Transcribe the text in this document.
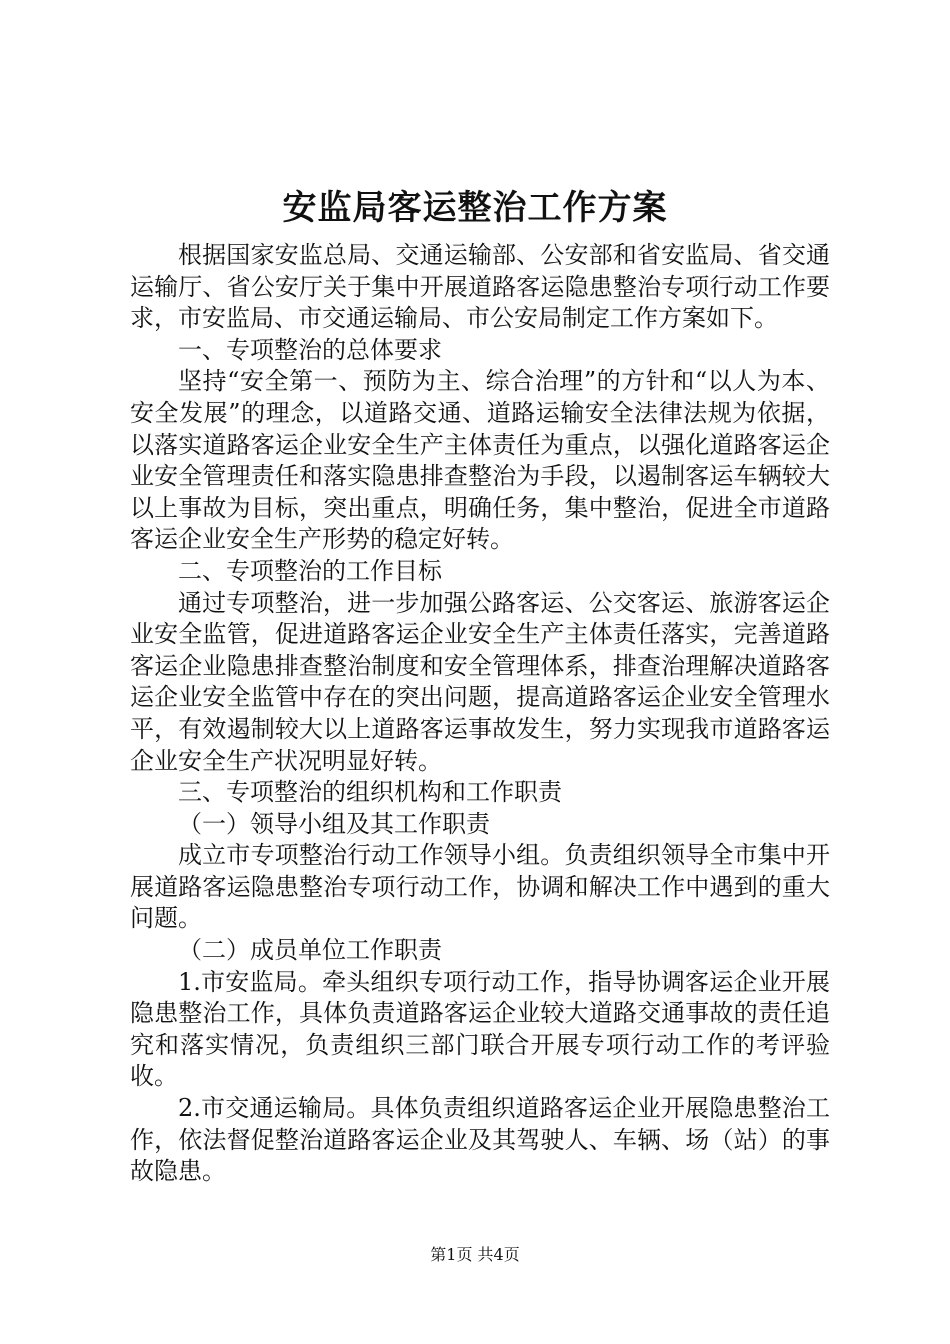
安监局客运整治工作方案

根据国家安监总局、交通运输部、公安部和省安监局、省交通运输厅、省公安厅关于集中开展道路客运隐患整治专项行动工作要求，市安监局、市交通运输局、市公安局制定工作方案如下。

一、专项整治的总体要求

坚持“安全第一、预防为主、综合治理”的方针和“以人为本、安全发展”的理念，以道路交通、道路运输安全法律法规为依据，以落实道路客运企业安全生产主体责任为重点，以强化道路客运企业安全管理责任和落实隐患排查整治为手段，以遏制客运车辆较大以上事故为目标，突出重点，明确任务，集中整治，促进全市道路客运企业安全生产形势的稳定好转。

二、专项整治的工作目标

通过专项整治，进一步加强公路客运、公交客运、旅游客运企业安全监管，促进道路客运企业安全生产主体责任落实，完善道路客运企业隐患排查整治制度和安全管理体系，排查治理解决道路客运企业安全监管中存在的突出问题，提高道路客运企业安全管理水平，有效遏制较大以上道路客运事故发生，努力实现我市道路客运企业安全生产状况明显好转。

三、专项整治的组织机构和工作职责

（一）领导小组及其工作职责

成立市专项整治行动工作领导小组。负责组织领导全市集中开展道路客运隐患整治专项行动工作，协调和解决工作中遇到的重大问题。

（二）成员单位工作职责

1.市安监局。牵头组织专项行动工作，指导协调客运企业开展隐患整治工作，具体负责道路客运企业较大道路交通事故的责任追究和落实情况，负责组织三部门联合开展专项行动工作的考评验收。

2.市交通运输局。具体负责组织道路客运企业开展隐患整治工作，依法督促整治道路客运企业及其驾驶人、车辆、场（站）的事故隐患。

第1页 共4页
